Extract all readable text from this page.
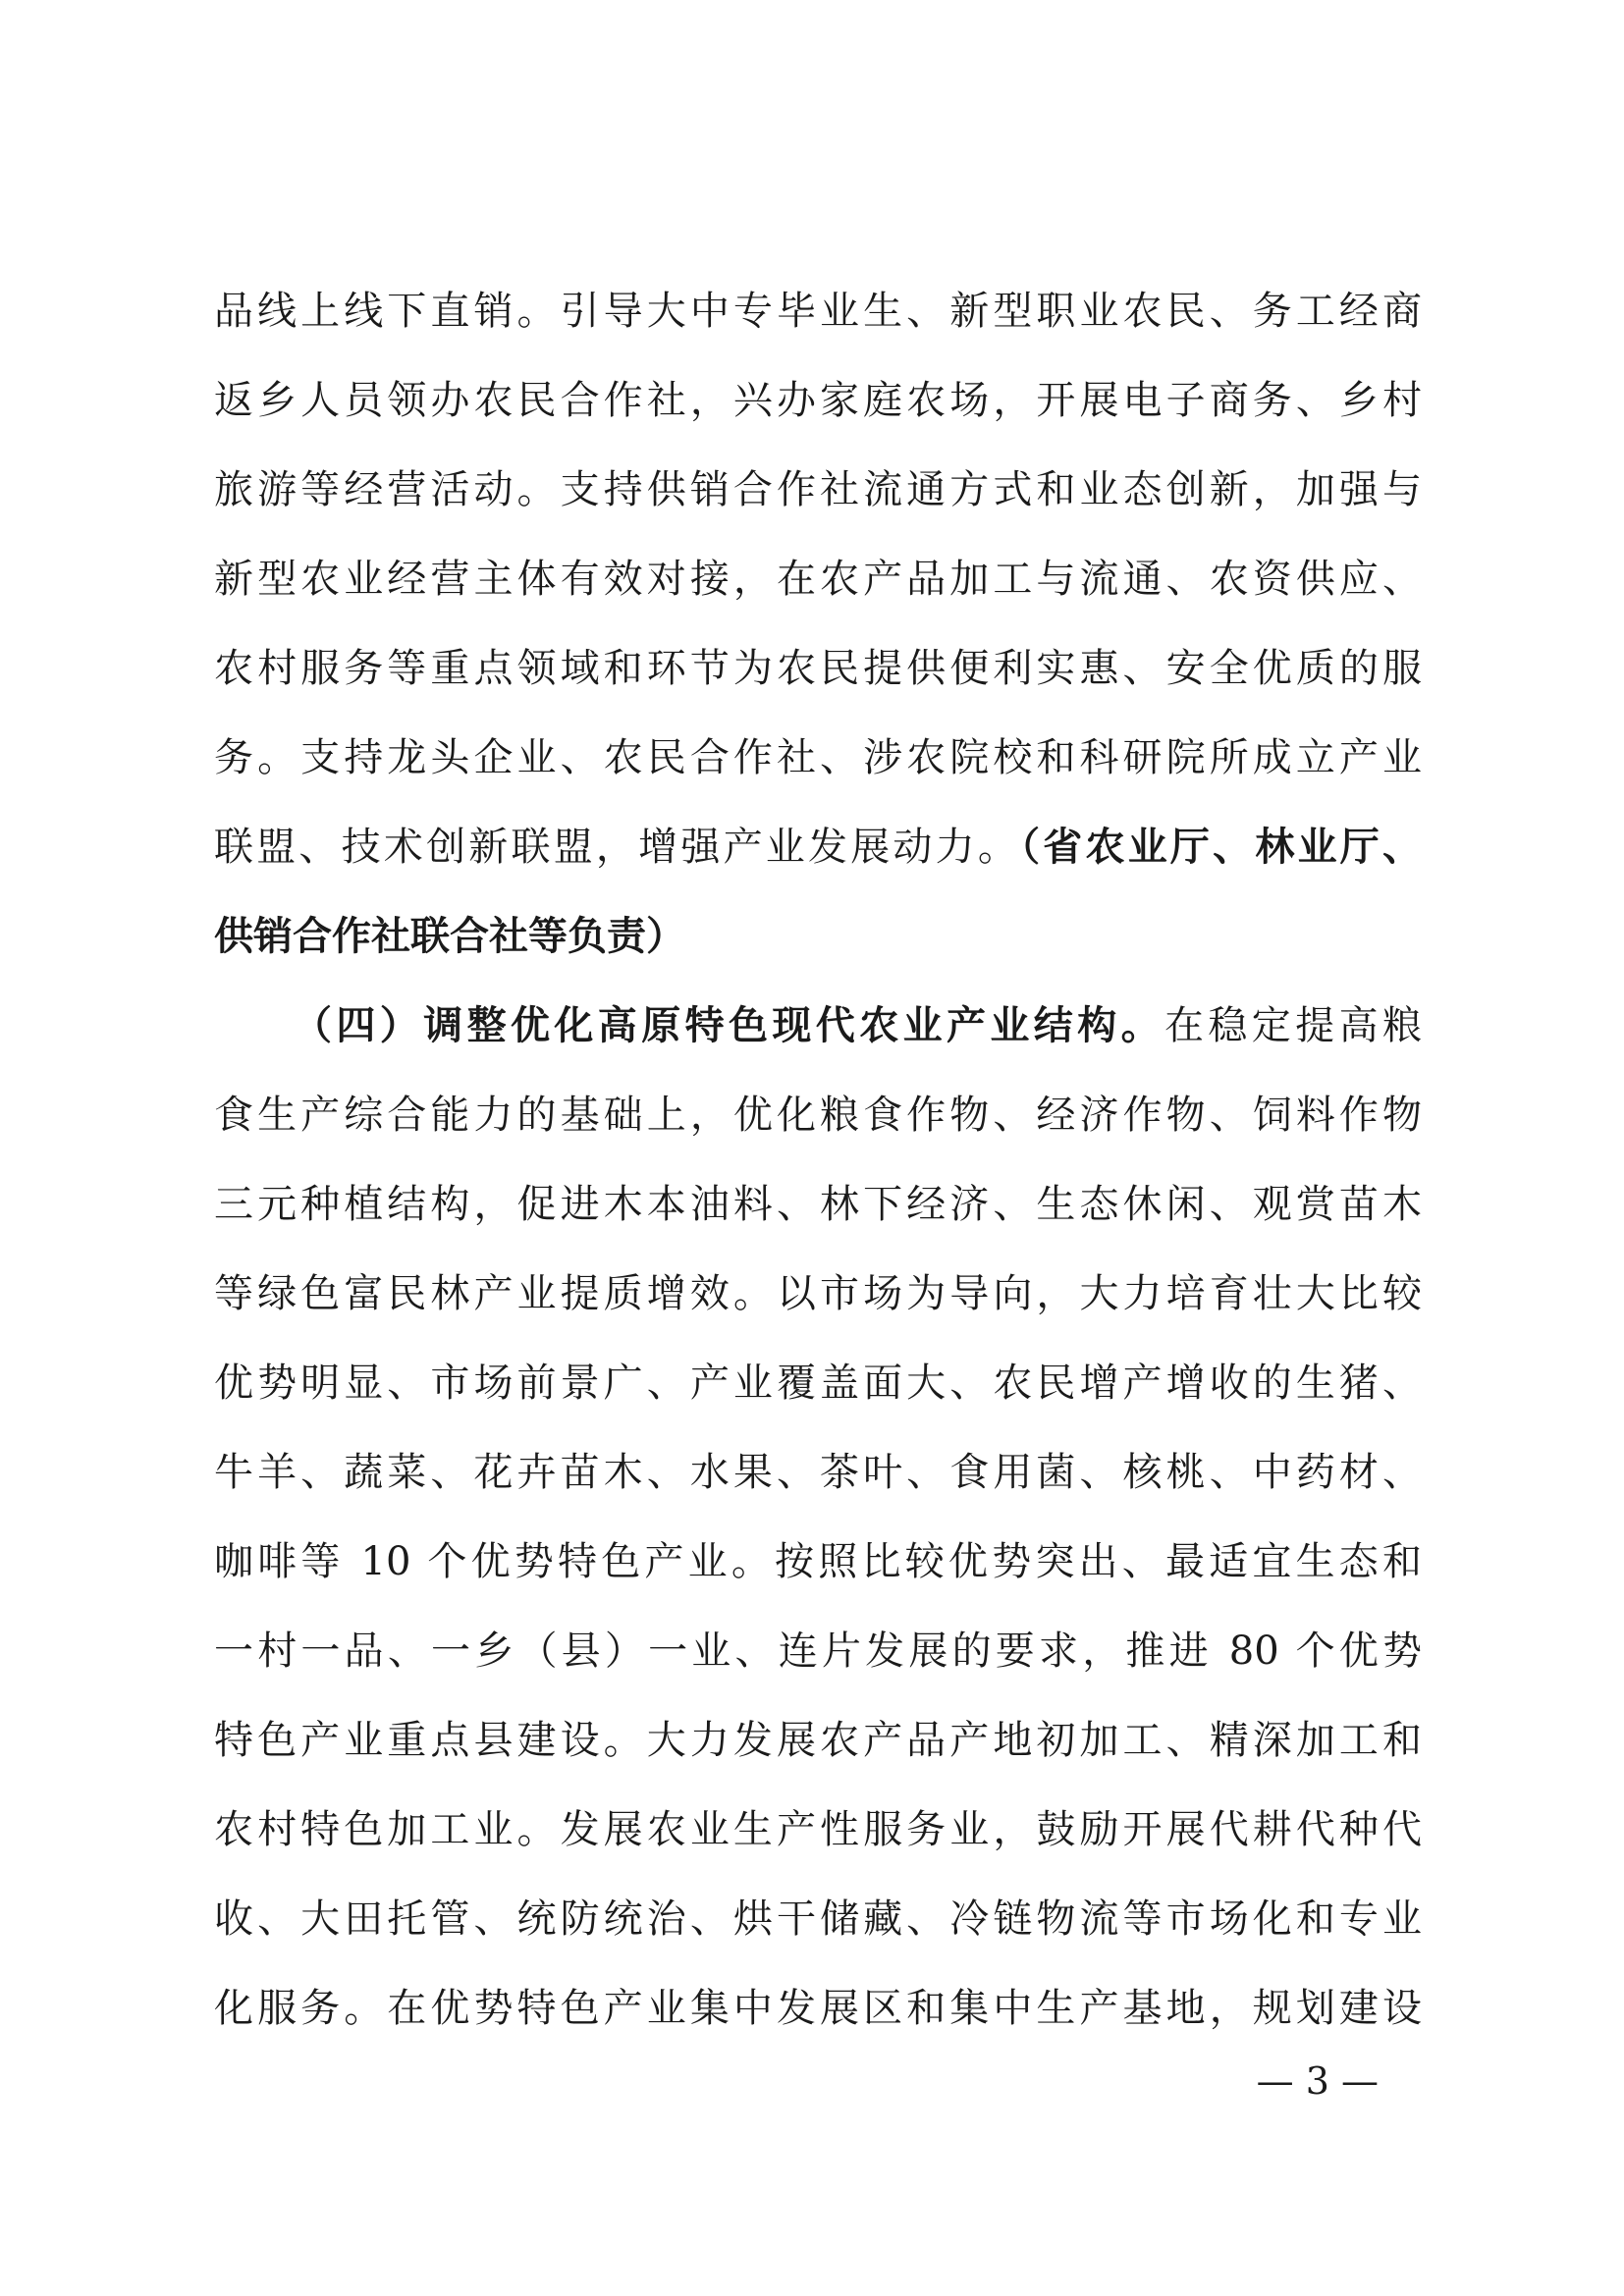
品线上线下直销。引导大中专毕业生、新型职业农民、务工经商
返乡人员领办农民合作社，兴办家庭农场，开展电子商务、乡村
旅游等经营活动。支持供销合作社流通方式和业态创新，加强与
新型农业经营主体有效对接，在农产品加工与流通、农资供应、
农村服务等重点领域和环节为农民提供便利实惠、安全优质的服
务。支持龙头企业、农民合作社、涉农院校和科研院所成立产业
联盟、技术创新联盟，增强产业发展动力。（省农业厅、林业厅、
供销合作社联合社等负责）
（四）调整优化高原特色现代农业产业结构。在稳定提高粮
食生产综合能力的基础上，优化粮食作物、经济作物、饲料作物
三元种植结构，促进木本油料、林下经济、生态休闲、观赏苗木
等绿色富民林产业提质增效。以市场为导向，大力培育壮大比较
优势明显、市场前景广、产业覆盖面大、农民增产增收的生猪、
牛羊、蔬菜、花卉苗木、水果、茶叶、食用菌、核桃、中药材、
咖啡等 10 个优势特色产业。按照比较优势突出、最适宜生态和
一村一品、一乡（县）一业、连片发展的要求，推进 80 个优势
特色产业重点县建设。大力发展农产品产地初加工、精深加工和
农村特色加工业。发展农业生产性服务业，鼓励开展代耕代种代
收、大田托管、统防统治、烘干储藏、冷链物流等市场化和专业
化服务。在优势特色产业集中发展区和集中生产基地，规划建设
— 3 —
